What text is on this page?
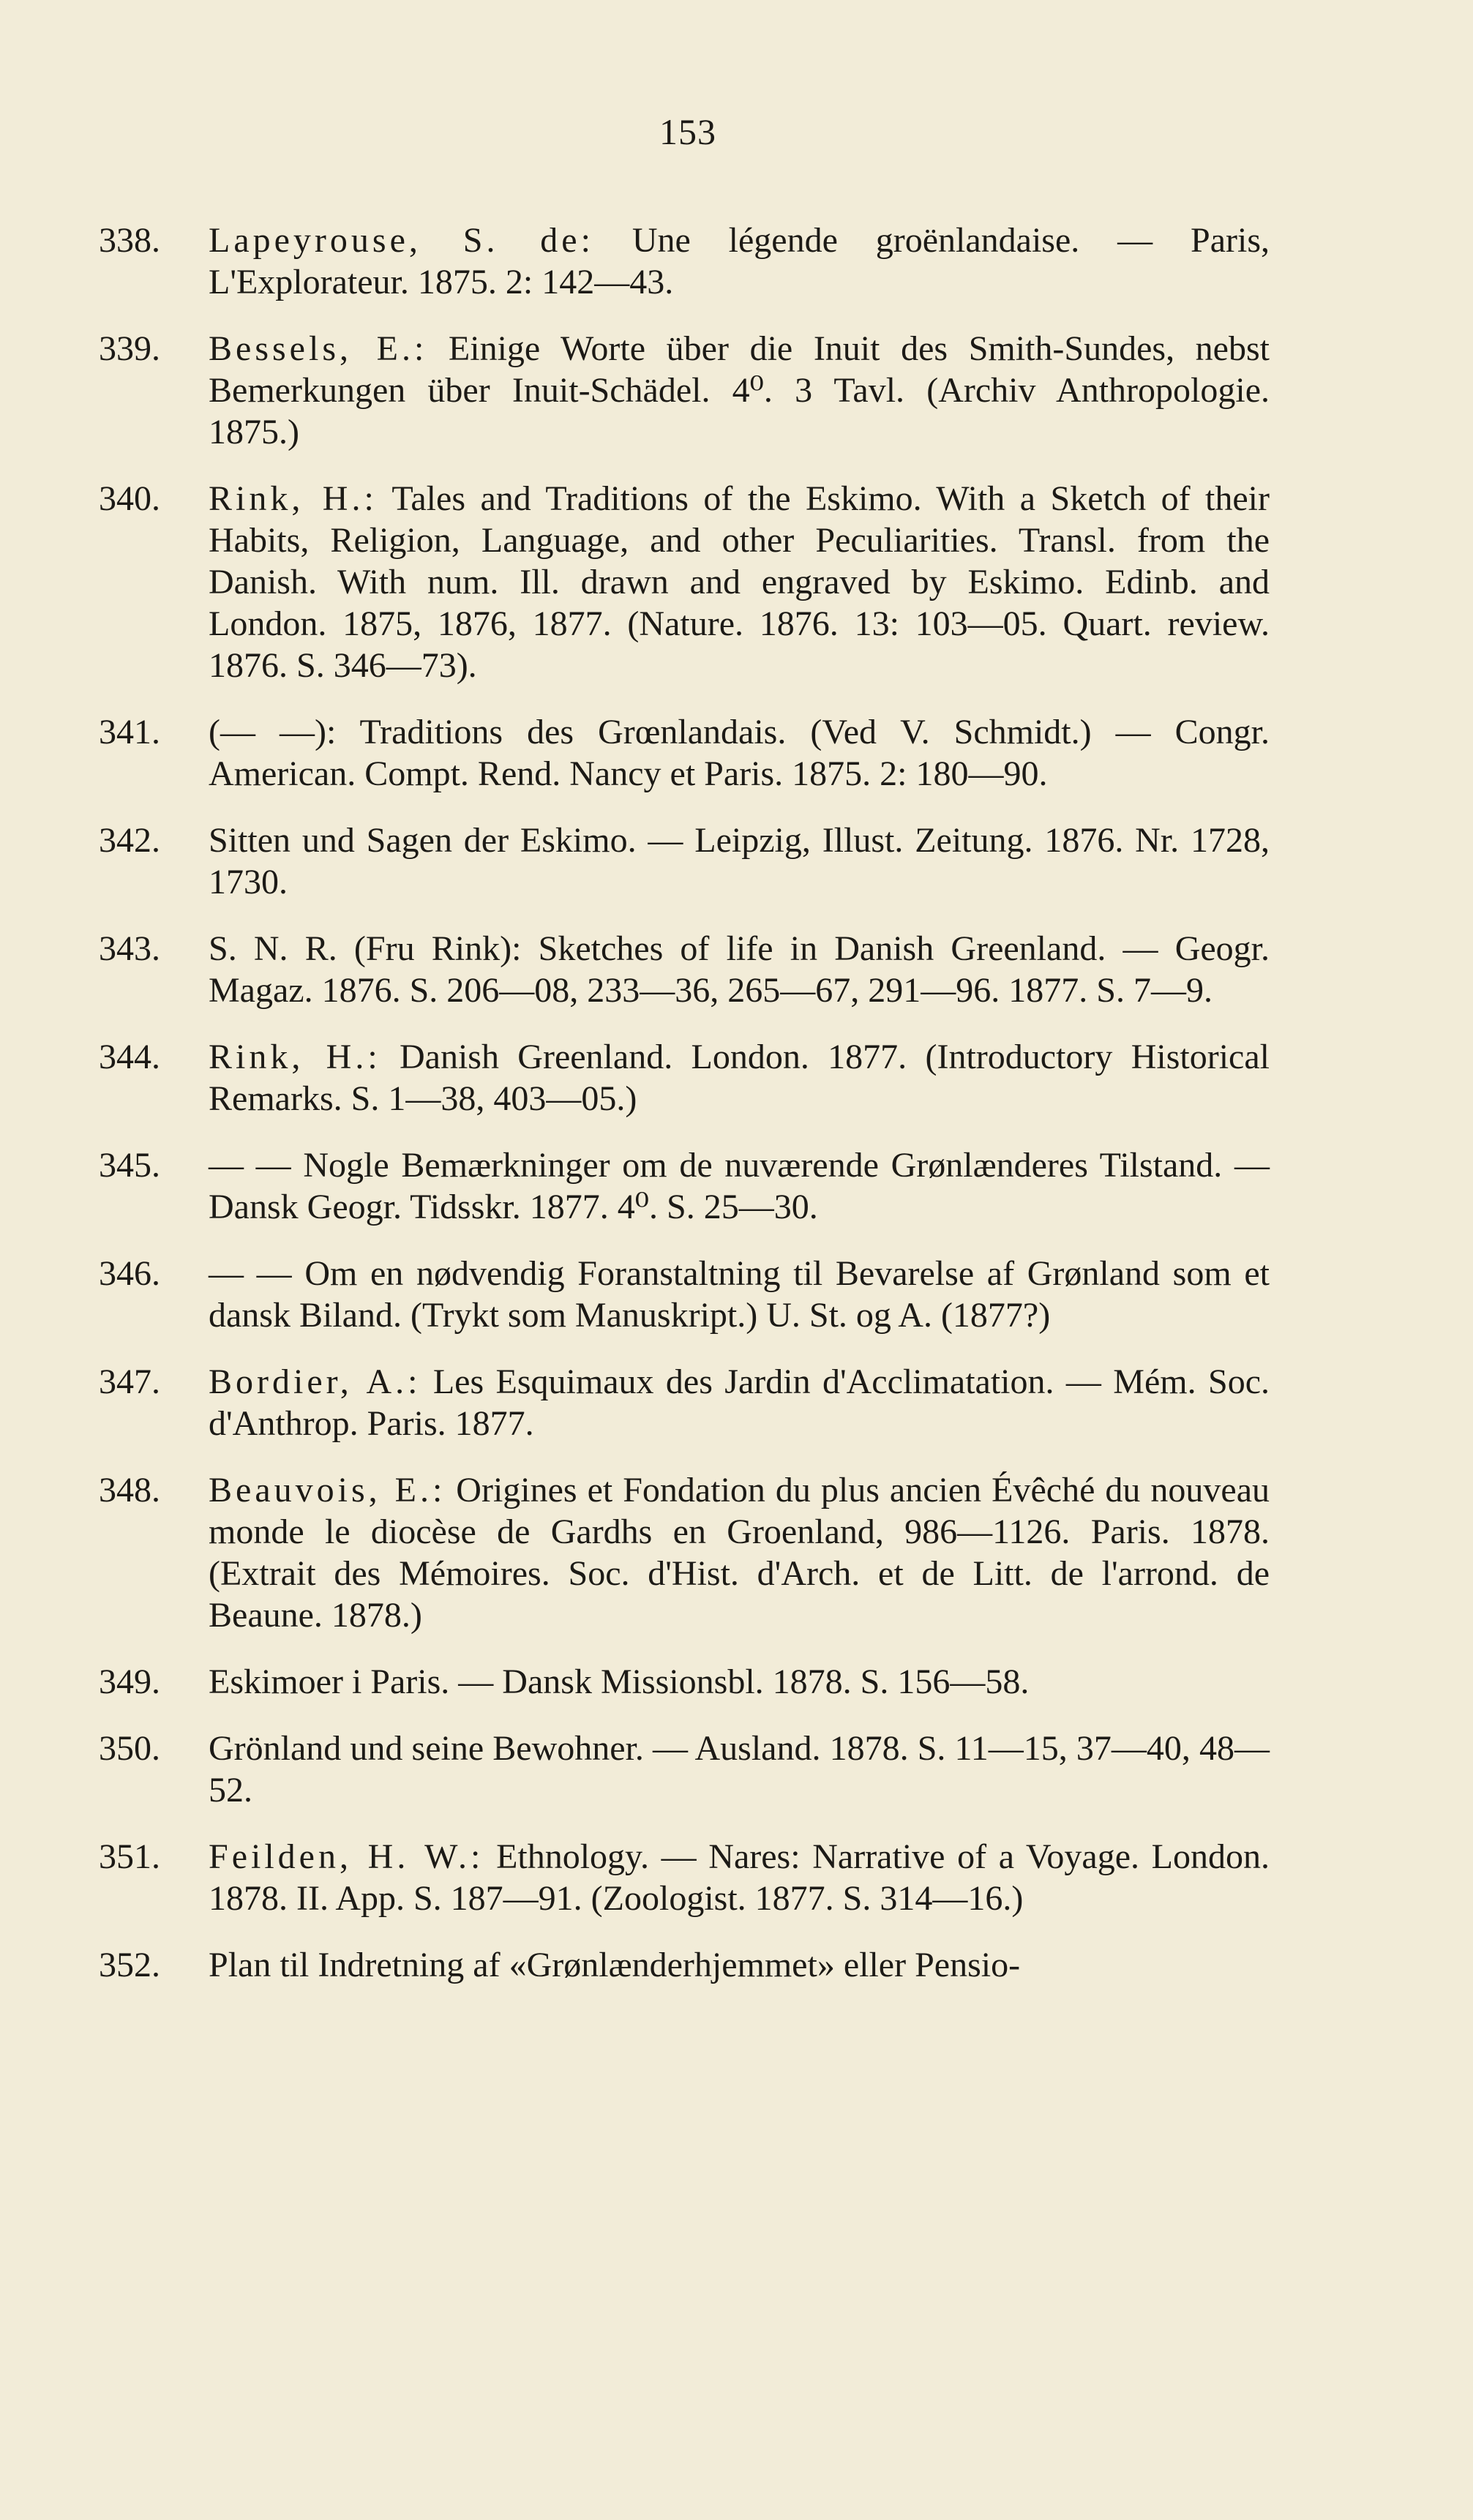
153
338.	Lapeyrouse, S. de: Une légende groënlandaise. — Paris, L'Explorateur. 1875. 2: 142—43.
339.	Bessels, E.: Einige Worte über die Inuit des Smith-Sundes, nebst Bemerkungen über Inuit-Schädel. 4⁰. 3 Tavl. (Archiv Anthropologie. 1875.)
340.	Rink, H.: Tales and Traditions of the Eskimo. With a Sketch of their Habits, Religion, Language, and other Peculiarities. Transl. from the Danish. With num. Ill. drawn and engraved by Eskimo. Edinb. and London. 1875, 1876, 1877. (Nature. 1876. 13: 103—05. Quart. review. 1876. S. 346—73).
341.	(— —): Traditions des Grœnlandais. (Ved V. Schmidt.) — Congr. American. Compt. Rend. Nancy et Paris. 1875. 2: 180—90.
342.	Sitten und Sagen der Eskimo. — Leipzig, Illust. Zeitung. 1876. Nr. 1728, 1730.
343.	S. N. R. (Fru Rink): Sketches of life in Danish Greenland. — Geogr. Magaz. 1876. S. 206—08, 233—36, 265—67, 291—96. 1877. S. 7—9.
344.	Rink, H.: Danish Greenland. London. 1877. (Introductory Historical Remarks. S. 1—38, 403—05.)
345.	— — Nogle Bemærkninger om de nuværende Grønlænderes Tilstand. — Dansk Geogr. Tidsskr. 1877. 4⁰. S. 25—30.
346.	— — Om en nødvendig Foranstaltning til Bevarelse af Grønland som et dansk Biland. (Trykt som Manuskript.) U. St. og A. (1877?)
347.	Bordier, A.: Les Esquimaux des Jardin d'Acclimatation. — Mém. Soc. d'Anthrop. Paris. 1877.
348.	Beauvois, E.: Origines et Fondation du plus ancien Évêché du nouveau monde le diocèse de Gardhs en Groenland, 986—1126. Paris. 1878. (Extrait des Mémoires. Soc. d'Hist. d'Arch. et de Litt. de l'arrond. de Beaune. 1878.)
349.	Eskimoer i Paris. — Dansk Missionsbl. 1878. S. 156—58.
350.	Grönland und seine Bewohner. — Ausland. 1878. S. 11—15, 37—40, 48—52.
351.	Feilden, H. W.: Ethnology. — Nares: Narrative of a Voyage. London. 1878. II. App. S. 187—91. (Zoologist. 1877. S. 314—16.)
352.	Plan til Indretning af «Grønlænderhjemmet» eller Pensio-
